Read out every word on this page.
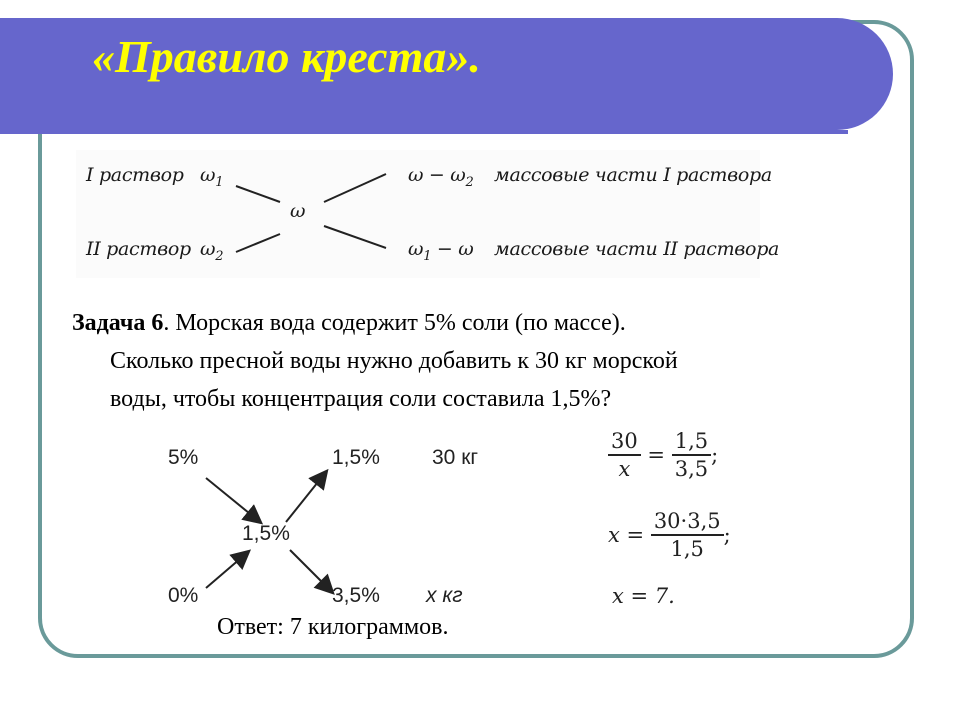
«Правило креста».
I раствор $\omega_1$
II раствор $\omega_2$
ω
$\omega - \omega_2$
$\omega_1 - \omega$
массовые части I раствора
массовые части II раствора

Задача 6. Морская вода содержит 5% соли (по массе).

Сколько пресной воды нужно добавить к 30 кг морской

воды, чтобы концентрация соли составила 1,5%?

5%
0%
1,5%
1,5%
3,5%
30 кг
x кг
$\frac{30}{x} = \frac{1,5}{3,5}$ ;
$x = \frac{30\cdot 3,5}{1,5}$ ;
x = 7.
Ответ: 7 килограммов.
